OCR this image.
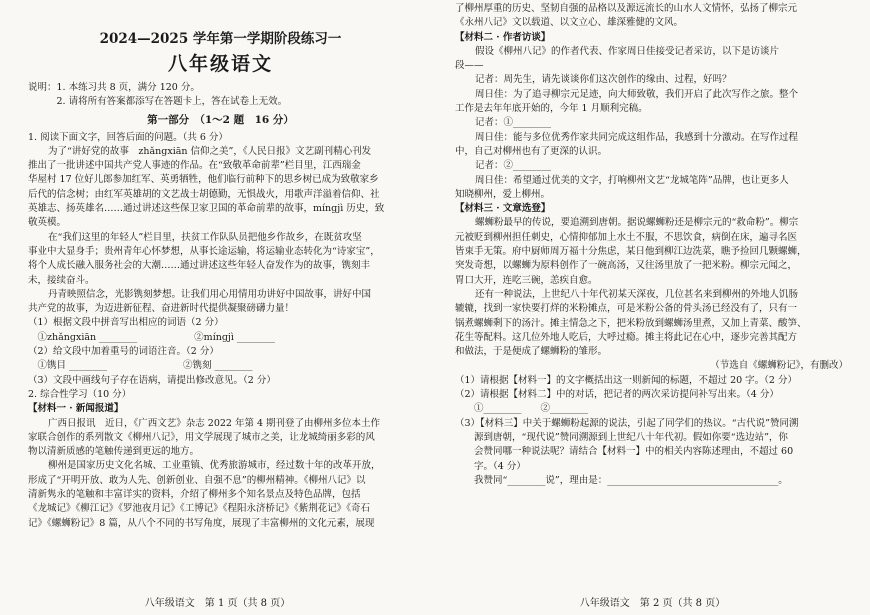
2024—2025 学年第一学期阶段练习一
八年级语文
说明：1. 本练习共 8 页，满分 120 分。
　　　2. 请将所有答案都添写在答题卡上，答在试卷上无效。
第一部分　（1～2 题　16 分）
1. 阅读下面文字，回答后面的问题。（共 6 分）
为了“讲好党的故事　zhǎngxiān 信仰之美”，《人民日报》文艺副刊精心刊发
推出了一批讲述中国共产党人事迹的作品。在“致敬革命前辈”栏目里，江西瑞金
华屋村 17 位好儿郎参加红军、英勇牺牲，他们临行前种下的思乡树已成为致敬家乡
后代的信念树；由红军英雄胡的文艺战士胡德勤，无惧战火，用歌声洋溢着信仰、社
英雄志、扬英雄名……通过讲述这些保卫家卫国的革命前辈的故事，mínɡjì 历史，致
敬英模。
在“我们这里的年轻人”栏目里，扶贫工作队队员把他乡作故乡，在既贫攻坚
事业中大显身手；贵州青年心怀梦想，从事长途运输，将运输业态转化为“诗家宝”，
将个人成长融入服务社会的大潮……通过讲述这些年轻人奋发作为的故事，镌刻丰
未，接续奋斗。
丹青映照信念，光影镌刻梦想。让我们用心用情用功讲好中国故事，讲好中国
共产党的故事，为迈进新征程、奋进新时代提供凝聚磅礴力量！
（1）根据文段中拼音写出相应的词语（2 分）
　①zhǎnɡxiān ________　　　　　　②mínɡjì ________
（2）给文段中加着重号的词语注音。（2 分）
　①镌目 ________　　　　　　　　②镌刻 ________
（3）文段中画线句子存在语病，请提出修改意见。（2 分）
2. 综合性学习（10 分）
【材料一 · 新闻报道】
广西日报讯　近日，《广西文艺》杂志 2022 年第 4 期刊登了由柳州多位本土作
家联合创作的系列散文《柳州八记》，用文学展现了城市之美，让龙城绮丽多彩的风
物以清新质感的笔触传递到更远的地方。
柳州是国家历史文化名城、工业重镇、优秀旅游城市，经过数十年的改革开放，
形成了“开明开放、敢为人先、创新创业、自强不息”的柳州精神。《柳州八记》以
清新隽永的笔触和丰富详实的资料，介绍了柳州多个知名景点及特色品牌，包括
《龙城记》《柳江记》《罗池夜月记》《工博记》《程阳永济桥记》《紫荆花记》《奇石
记》《螺蛳粉记》8 篇，从八个不同的书写角度，展现了丰富柳州的文化元素，展现
八年级语文　第 1 页（共 8 页）
了柳州厚重的历史、坚韧自强的品格以及源远流长的山水人文情怀，弘扬了柳宗元
《永州八记》文以载道、以文立心、雄深雅健的文风。
【材料二 · 作者访谈】
假设《柳州八记》的作者代表、作家周日佳接受记者采访，以下是访谈片
段——
记者：周先生，请先谈谈你们这次创作的缘由、过程，好吗？
周日佳：为了追寻柳宗元足迹，向大师致敬，我们开启了此次写作之旅。整个
工作是去年年底开始的，今年 1 月顺利完稿。
记者：①________
周日佳：能与多位优秀作家共同完成这组作品，我感到十分激动。在写作过程
中，自己对柳州也有了更深的认识。
记者：②________
周日佳：希望通过优美的文字，打响柳州文艺“龙城笔阵”品牌，也让更多人
知晓柳州，爱上柳州。
【材料三 · 文章选登】
螺蛳粉最早的传说，要追溯到唐朝。据说螺蛳粉还是柳宗元的“救命粉”。柳宗
元被贬到柳州担任刺史，心情抑郁加上水土不服，不思饮食，病倒在床，遍寻名医
皆束手无策。府中厨师周万福十分焦虑，某日他到柳江边洗菜，瞧予捡回几颗螺蛳，
突发奇想，以螺蛳为原料创作了一碗高汤，又往汤里放了一把米粉。柳宗元闻之，
胃口大开，连吃三碗，恙疾自愈。
还有一种说法，上世纪八十年代初某天深夜，几位甚名来到柳州的外地人饥肠
辘辘，找到一家快要打烊的米粉摊点，可是米粉公备的骨头汤已经没有了，只有一
锅煮螺蛳剩下的汤汁。摊主情急之下，把米粉放到螺蛳汤里煮，又加上青菜、酸笋、
花生等配料。这几位外地人吃后，大呼过瘾。摊主将此记在心中，逐步完善其配方
和做法，于是便成了螺蛳粉的雏形。
（节选自《螺蛳粉记》，有删改）
（1）请根据【材料一】的文字概括出这一则新闻的标题，不超过 20 字。（2 分）
（2）请根据【材料二】中的对话，把记者的两次采访提问补写出来。（4 分）
　　①________　　②________
（3）【材料三】中关于螺蛳粉起源的说法，引起了同学们的热议。“古代说”赞同溯
　　源到唐朝，“现代说”赞同溯源到上世纪八十年代初。假如你要“选边站”，你
　　会赞同哪一种说法呢？请结合【材料一】中的相关内容陈述理由，不超过 60
　　字。（4 分）
　　我赞同“________说”，理由是：____________________________________。
八年级语文　第 2 页（共 8 页）
